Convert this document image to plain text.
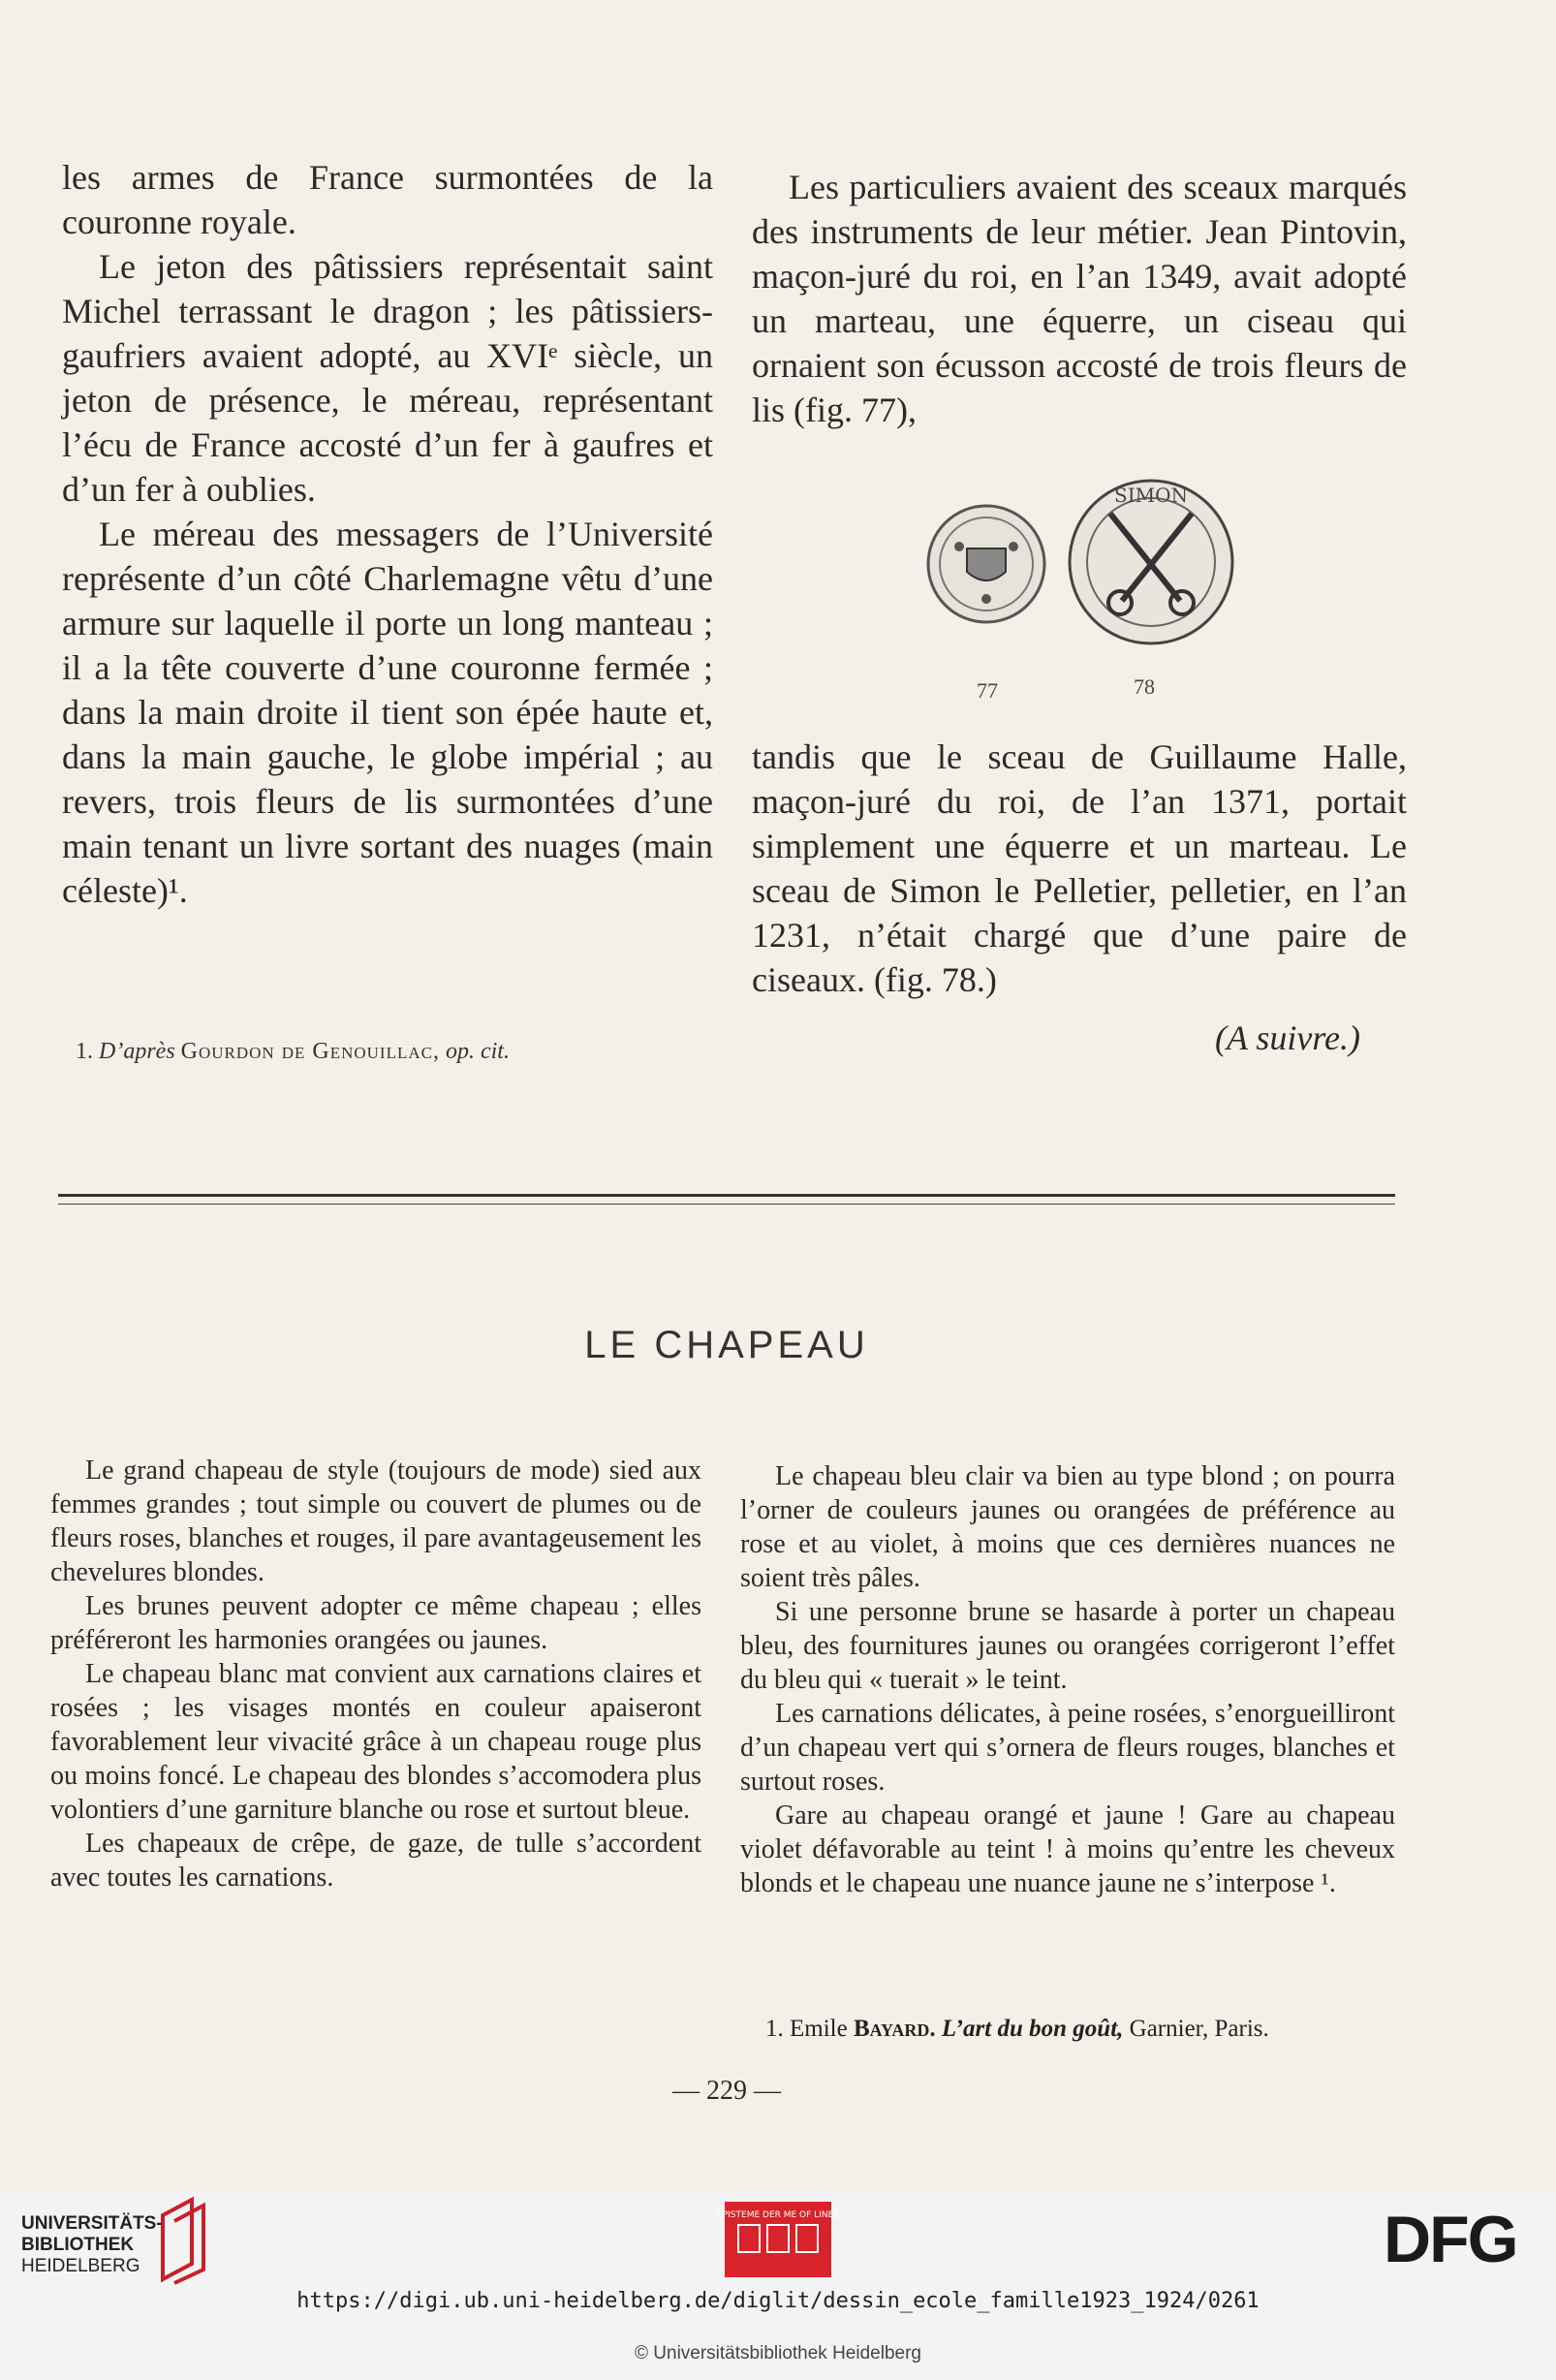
les armes de France surmontées de la couronne royale.

Le jeton des pâtissiers représentait saint Michel terrassant le dragon ; les pâtissiers-gaufriers avaient adopté, au XVIᵉ siècle, un jeton de présence, le méreau, représentant l’écu de France accosté d’un fer à gaufres et d’un fer à oublies.

Le méreau des messagers de l’Université représente d’un côté Charlemagne vêtu d’une armure sur laquelle il porte un long manteau ; il a la tête couverte d’une couronne fermée ; dans la main droite il tient son épée haute et, dans la main gauche, le globe impérial ; au revers, trois fleurs de lis surmontées d’une main tenant un livre sortant des nuages (main céleste)¹.

1. D’après Gourdon de Genouillac, op. cit.

Les particuliers avaient des sceaux marqués des instruments de leur métier. Jean Pintovin, maçon-juré du roi, en l’an 1349, avait adopté un marteau, une équerre, un ciseau qui ornaient son écusson accosté de trois fleurs de lis (fig. 77),

SIMON
77	78

tandis que le sceau de Guillaume Halle, maçon-juré du roi, de l’an 1371, portait simplement une équerre et un marteau. Le sceau de Simon le Pelletier, pelletier, en l’an 1231, n’était chargé que d’une paire de ciseaux. (fig. 78.)

(A suivre.)
LE CHAPEAU

Le grand chapeau de style (toujours de mode) sied aux femmes grandes ; tout simple ou couvert de plumes ou de fleurs roses, blanches et rouges, il pare avantageusement les chevelures blondes.

Les brunes peuvent adopter ce même chapeau ; elles préféreront les harmonies orangées ou jaunes.

Le chapeau blanc mat convient aux carnations claires et rosées ; les visages montés en couleur apaiseront favorablement leur vivacité grâce à un chapeau rouge plus ou moins foncé. Le chapeau des blondes s’accomodera plus volontiers d’une garniture blanche ou rose et surtout bleue.

Les chapeaux de crêpe, de gaze, de tulle s’accordent avec toutes les carnations.

Le chapeau bleu clair va bien au type blond ; on pourra l’orner de couleurs jaunes ou orangées de préférence au rose et au violet, à moins que ces dernières nuances ne soient très pâles.

Si une personne brune se hasarde à porter un chapeau bleu, des fournitures jaunes ou orangées corrigeront l’effet du bleu qui « tuerait » le teint.

Les carnations délicates, à peine rosées, s’enorgueilliront d’un chapeau vert qui s’ornera de fleurs rouges, blanches et surtout roses.

Gare au chapeau orangé et jaune ! Gare au chapeau violet défavorable au teint ! à moins qu’entre les cheveux blonds et le chapeau une nuance jaune ne s’interpose ¹.

1. Emile Bayard. L’art du bon goût, Garnier, Paris.
— 229 —
UNIVERSITÄTS-
BIBLIOTHEK
HEIDELBERG
EPISTEME DER ME OF LINES	DFG
https://digi.ub.uni-heidelberg.de/diglit/dessin_ecole_famille1923_1924/0261
© Universitätsbibliothek Heidelberg
